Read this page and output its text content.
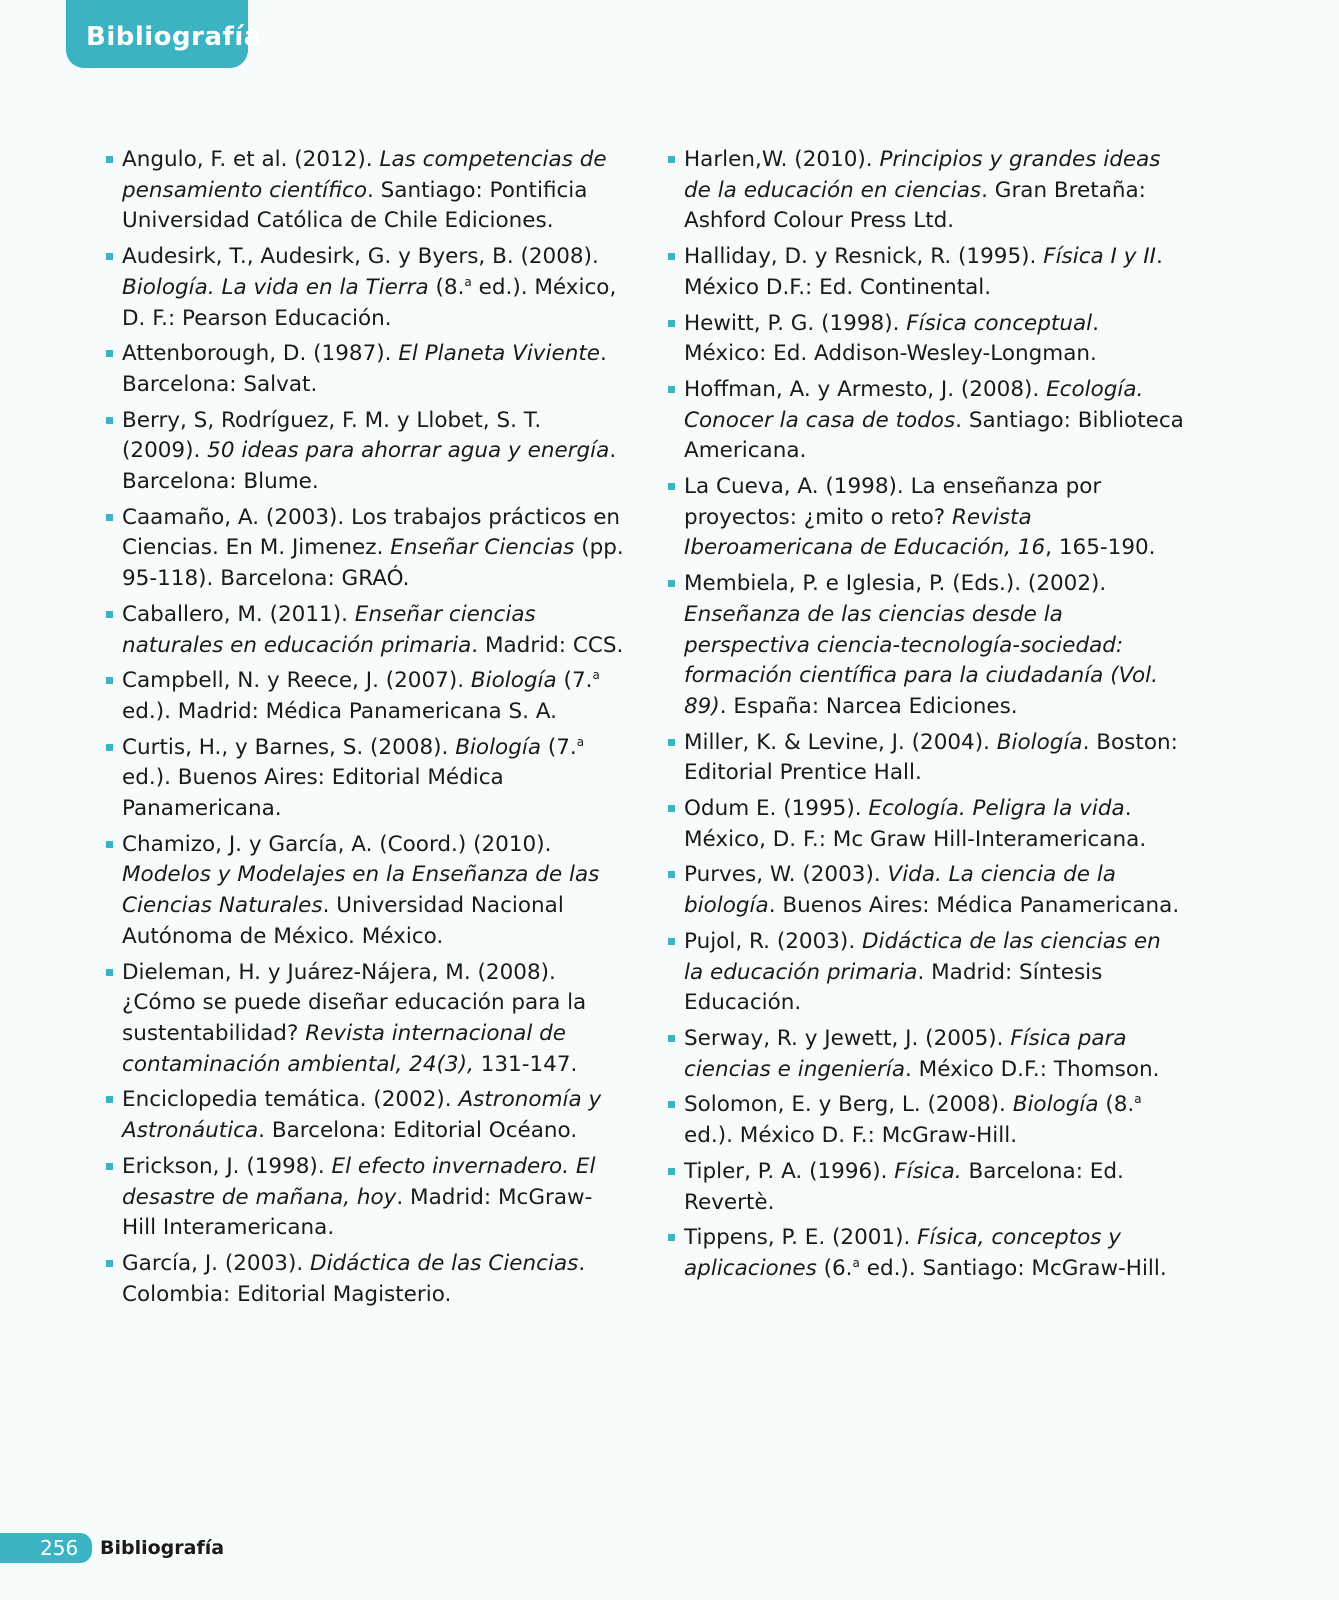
Bibliografía
Angulo, F. et al. (2012). Las competencias de pensamiento científico. Santiago: Pontificia Universidad Católica de Chile Ediciones.
Audesirk, T., Audesirk, G. y Byers, B. (2008). Biología. La vida en la Tierra (8.$^a$ ed.). México, D. F.: Pearson Educación.
Attenborough, D. (1987). El Planeta Viviente. Barcelona: Salvat.
Berry, S, Rodríguez, F. M. y Llobet, S. T. (2009). 50 ideas para ahorrar agua y energía. Barcelona: Blume.
Caamaño, A. (2003). Los trabajos prácticos en Ciencias. En M. Jimenez. Enseñar Ciencias (pp. 95-118). Barcelona: GRAÓ.
Caballero, M. (2011). Enseñar ciencias naturales en educación primaria. Madrid: CCS.
Campbell, N. y Reece, J. (2007). Biología (7.$^a$ ed.). Madrid: Médica Panamericana S. A.
Curtis, H., y Barnes, S. (2008). Biología (7.$^a$ ed.). Buenos Aires: Editorial Médica Panamericana.
Chamizo, J. y García, A. (Coord.) (2010). Modelos y Modelajes en la Enseñanza de las Ciencias Naturales. Universidad Nacional Autónoma de México. México.
Dieleman, H. y Juárez-Nájera, M. (2008). ¿Cómo se puede diseñar educación para la sustentabilidad? Revista internacional de contaminación ambiental, 24(3), 131-147.
Enciclopedia temática. (2002). Astronomía y Astronáutica. Barcelona: Editorial Océano.
Erickson, J. (1998). El efecto invernadero. El desastre de mañana, hoy. Madrid: McGraw-Hill Interamericana.
García, J. (2003). Didáctica de las Ciencias. Colombia: Editorial Magisterio.
Harlen,W. (2010). Principios y grandes ideas de la educación en ciencias. Gran Bretaña: Ashford Colour Press Ltd.
Halliday, D. y Resnick, R. (1995). Física I y II. México D.F.: Ed. Continental.
Hewitt, P. G. (1998). Física conceptual. México: Ed. Addison-Wesley-Longman.
Hoffman, A. y Armesto, J. (2008). Ecología. Conocer la casa de todos. Santiago: Biblioteca Americana.
La Cueva, A. (1998). La enseñanza por proyectos: ¿mito o reto? Revista Iberoamericana de Educación, 16, 165-190.
Membiela, P. e Iglesia, P. (Eds.). (2002). Enseñanza de las ciencias desde la perspectiva ciencia-tecnología-sociedad: formación científica para la ciudadanía (Vol. 89). España: Narcea Ediciones.
Miller, K. & Levine, J. (2004). Biología. Boston: Editorial Prentice Hall.
Odum E. (1995). Ecología. Peligra la vida. México, D. F.: Mc Graw Hill-Interamericana.
Purves, W. (2003). Vida. La ciencia de la biología. Buenos Aires: Médica Panamericana.
Pujol, R. (2003). Didáctica de las ciencias en la educación primaria. Madrid: Síntesis Educación.
Serway, R. y Jewett, J. (2005). Física para ciencias e ingeniería. México D.F.: Thomson.
Solomon, E. y Berg, L. (2008). Biología (8.$^a$ ed.). México D. F.: McGraw-Hill.
Tipler, P. A. (1996). Física. Barcelona: Ed. Revertè.
Tippens, P. E. (2001). Física, conceptos y aplicaciones (6.$^a$ ed.). Santiago: McGraw-Hill.
256	Bibliografía
